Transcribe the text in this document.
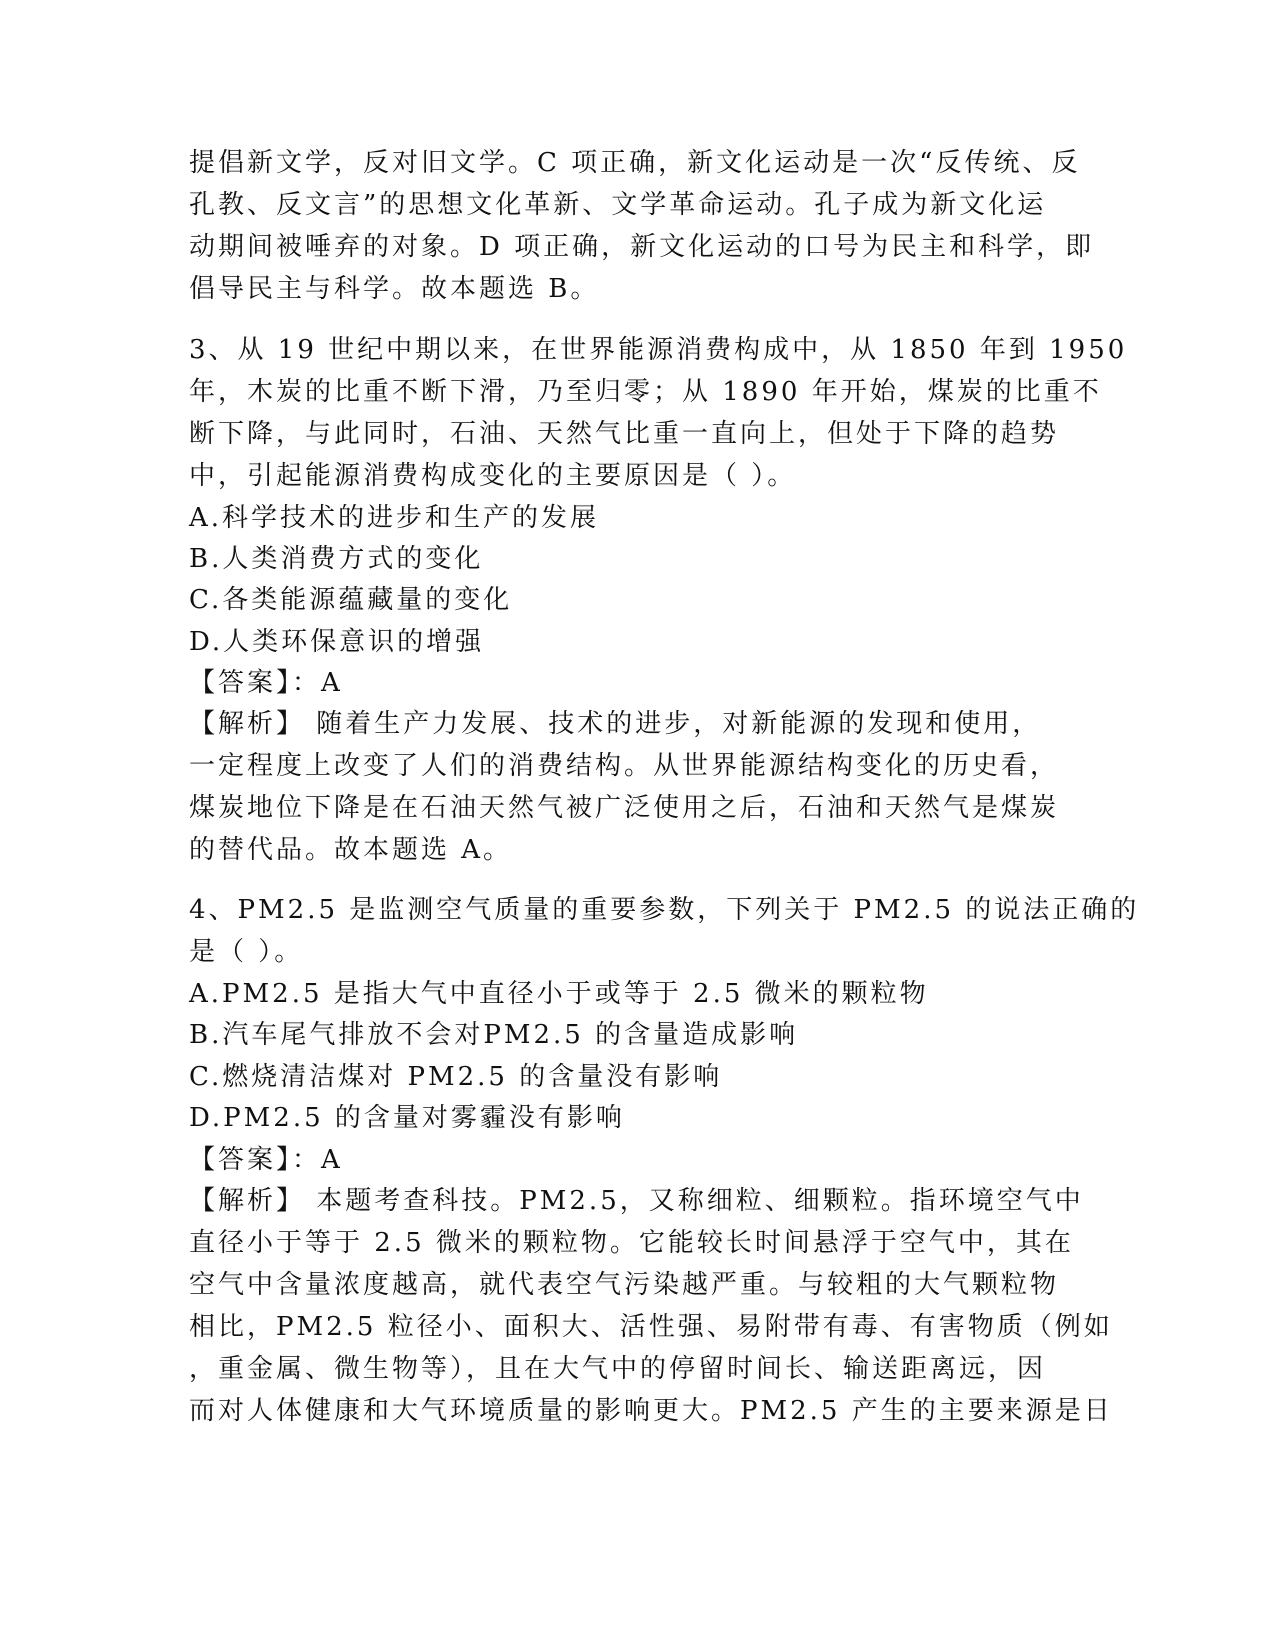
提倡新文学，反对旧文学。C 项正确，新文化运动是一次“反传统、反
孔教、反文言”的思想文化革新、文学革命运动。孔子成为新文化运
动期间被唾弃的对象。D 项正确，新文化运动的口号为民主和科学，即
倡导民主与科学。故本题选 B。
3、从 19 世纪中期以来，在世界能源消费构成中，从 1850 年到 1950
年，木炭的比重不断下滑，乃至归零；从 1890 年开始，煤炭的比重不
断下降，与此同时，石油、天然气比重一直向上，但处于下降的趋势
中，引起能源消费构成变化的主要原因是（ ）。
A.科学技术的进步和生产的发展
B.人类消费方式的变化
C.各类能源蕴藏量的变化
D.人类环保意识的增强
【答案】：A
【解析】 随着生产力发展、技术的进步，对新能源的发现和使用，
一定程度上改变了人们的消费结构。从世界能源结构变化的历史看，
煤炭地位下降是在石油天然气被广泛使用之后，石油和天然气是煤炭
的替代品。故本题选 A。
4、PM2.5 是监测空气质量的重要参数，下列关于 PM2.5 的说法正确的
是（ ）。
A.PM2.5 是指大气中直径小于或等于 2.5 微米的颗粒物
B.汽车尾气排放不会对PM2.5 的含量造成影响
C.燃烧清洁煤对 PM2.5 的含量没有影响
D.PM2.5 的含量对雾霾没有影响
【答案】：A
【解析】 本题考查科技。PM2.5，又称细粒、细颗粒。指环境空气中
直径小于等于 2.5 微米的颗粒物。它能较长时间悬浮于空气中，其在
空气中含量浓度越高，就代表空气污染越严重。与较粗的大气颗粒物
相比，PM2.5 粒径小、面积大、活性强、易附带有毒、有害物质（例如
，重金属、微生物等），且在大气中的停留时间长、输送距离远，因
而对人体健康和大气环境质量的影响更大。PM2.5 产生的主要来源是日
